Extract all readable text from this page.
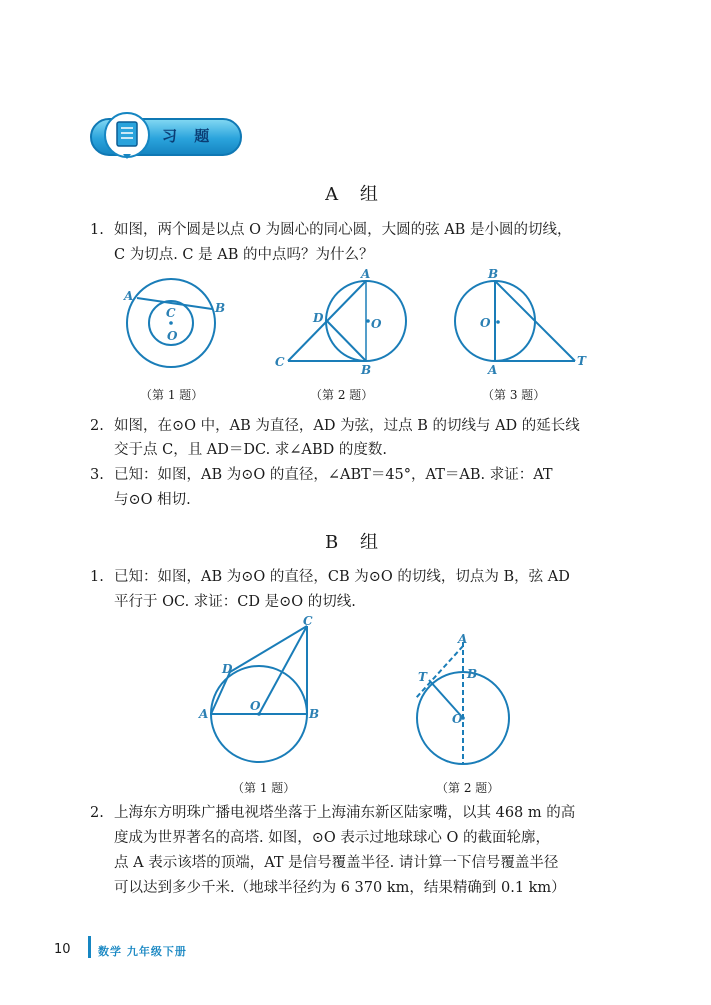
习 题
A 组
1. 如图，两个圆是以点 O 为圆心的同心圆，大圆的弦 AB 是小圆的切线，
C 为切点. C 是 AB 的中点吗？为什么？
A
B
C
O
（第 1 题）
A
D	O
C
B
（第 2 题）
B
O
A
T
（第 3 题）
2. 如图，在⊙O 中，AB 为直径，AD 为弦，过点 B 的切线与 AD 的延长线
交于点 C，且 AD＝DC. 求∠ABD 的度数.
3. 已知：如图，AB 为⊙O 的直径，∠ABT＝45°，AT＝AB. 求证：AT
与⊙O 相切.
B 组
1. 已知：如图，AB 为⊙O 的直径，CB 为⊙O 的切线，切点为 B，弦 AD
平行于 OC. 求证：CD 是⊙O 的切线.
C
D
O
A	B
（第 1 题）
A
T	B
O
（第 2 题）
2. 上海东方明珠广播电视塔坐落于上海浦东新区陆家嘴，以其 468 m 的高
度成为世界著名的高塔. 如图，⊙O 表示过地球球心 O 的截面轮廓，
点 A 表示该塔的顶端，AT 是信号覆盖半径. 请计算一下信号覆盖半径
可以达到多少千米.（地球半径约为 6 370 km，结果精确到 0.1 km）
10 数学 九年级下册
